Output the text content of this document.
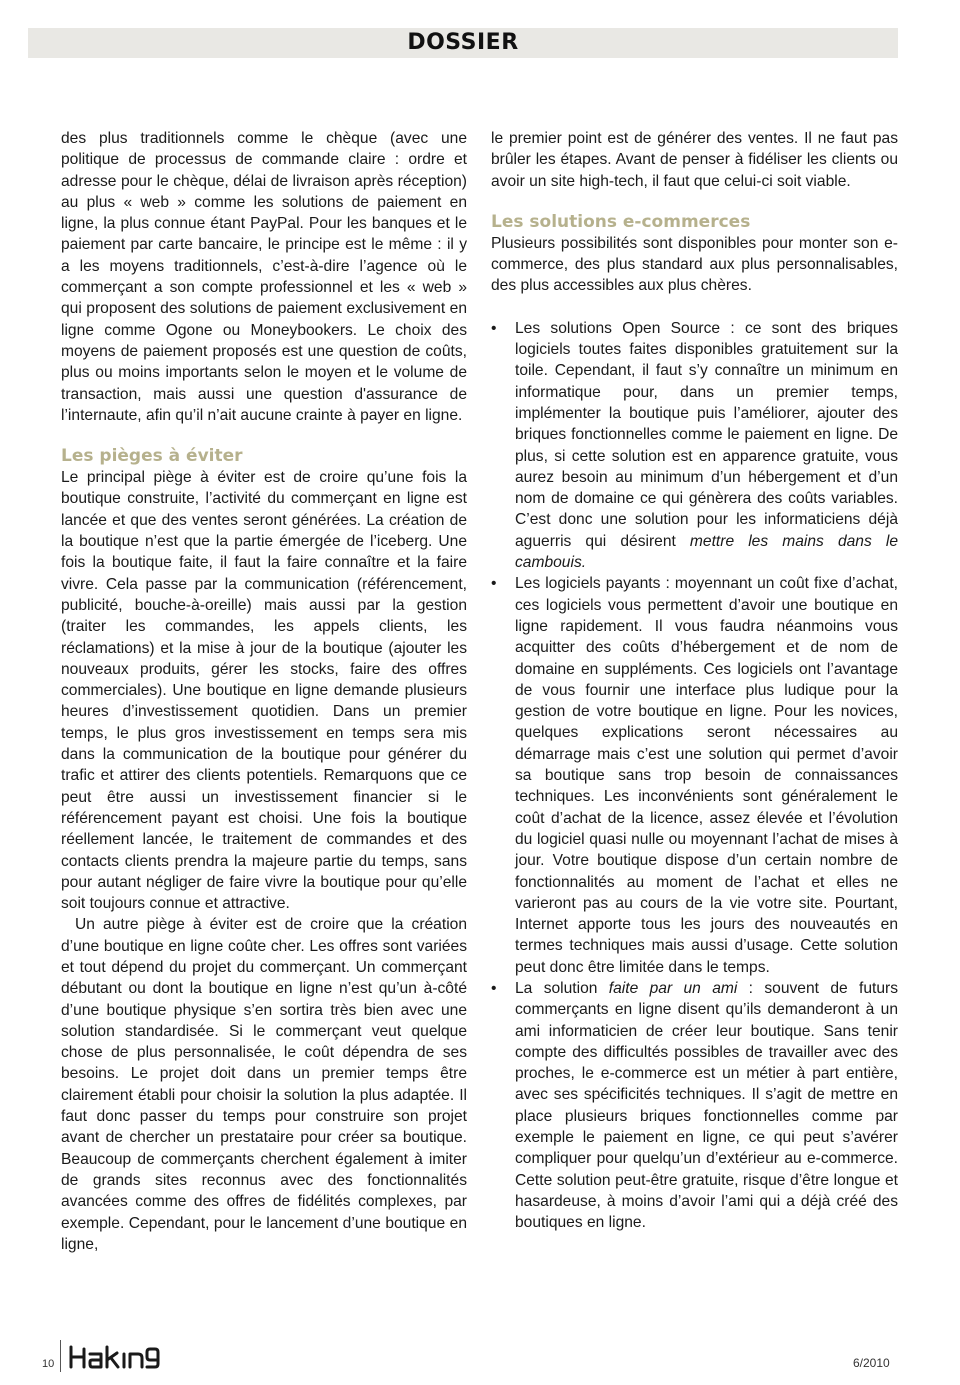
DOSSIER

des plus traditionnels comme le chèque (avec une politique de processus de commande claire : ordre et adresse pour le chèque, délai de livraison après réception) au plus « web » comme les solutions de paiement en ligne, la plus connue étant PayPal. Pour les banques et le paiement par carte bancaire, le principe est le même : il y a les moyens traditionnels, c’est-à-dire l’agence où le commerçant a son compte professionnel et les « web » qui proposent des solutions de paiement exclusivement en ligne comme Ogone ou Moneybookers. Le choix des moyens de paiement proposés est une question de coûts, plus ou moins importants selon le moyen et le volume de transaction, mais aussi une question d'assurance de l’internaute, afin qu’il n’ait aucune crainte à payer en ligne.

Les pièges à éviter

Le principal piège à éviter est de croire qu’une fois la boutique construite, l’activité du commerçant en ligne est lancée et que des ventes seront générées. La création de la boutique n’est que la partie émergée de l’iceberg. Une fois la boutique faite, il faut la faire connaître et la faire vivre. Cela passe par la communication (référencement, publicité, bouche-à-oreille) mais aussi par la gestion (traiter les commandes, les appels clients, les réclamations) et la mise à jour de la boutique (ajouter les nouveaux produits, gérer les stocks, faire des offres commerciales). Une boutique en ligne demande plusieurs heures d’investissement quotidien. Dans un premier temps, le plus gros investissement en temps sera mis dans la communication de la boutique pour générer du trafic et attirer des clients potentiels. Remarquons que ce peut être aussi un investissement financier si le référencement payant est choisi. Une fois la boutique réellement lancée, le traitement de commandes et des contacts clients prendra la majeure partie du temps, sans pour autant négliger de faire vivre la boutique pour qu’elle soit toujours connue et attractive.

Un autre piège à éviter est de croire que la création d’une boutique en ligne coûte cher. Les offres sont variées et tout dépend du projet du commerçant. Un commerçant débutant ou dont la boutique en ligne n’est qu’un à-côté d’une boutique physique s’en sortira très bien avec une solution standardisée. Si le commerçant veut quelque chose de plus personnalisée, le coût dépendra de ses besoins. Le projet doit dans un premier temps être clairement établi pour choisir la solution la plus adaptée. Il faut donc passer du temps pour construire son projet avant de chercher un prestataire pour créer sa boutique. Beaucoup de commerçants cherchent également à imiter de grands sites reconnus avec des fonctionnalités avancées comme des offres de fidélités complexes, par exemple. Cependant, pour le lancement d’une boutique en ligne,

le premier point est de générer des ventes. Il ne faut pas brûler les étapes. Avant de penser à fidéliser les clients ou avoir un site high-tech, il faut que celui-ci soit viable.

Les solutions e-commerces

Plusieurs possibilités sont disponibles pour monter son e-commerce, des plus standard aux plus personnalisables, des plus accessibles aux plus chères.

• Les solutions Open Source : ce sont des briques logiciels toutes faites disponibles gratuitement sur la toile. Cependant, il faut s’y connaître un minimum en informatique pour, dans un premier temps, implémenter la boutique puis l’améliorer, ajouter des briques fonctionnelles comme le paiement en ligne. De plus, si cette solution est en apparence gratuite, vous aurez besoin au minimum d’un hébergement et d’un nom de domaine ce qui génèrera des coûts variables. C’est donc une solution pour les informaticiens déjà aguerris qui désirent mettre les mains dans le cambouis.
• Les logiciels payants : moyennant un coût fixe d’achat, ces logiciels vous permettent d’avoir une boutique en ligne rapidement. Il vous faudra néanmoins vous acquitter des coûts d’hébergement et de nom de domaine en suppléments. Ces logiciels ont l’avantage de vous fournir une interface plus ludique pour la gestion de votre boutique en ligne. Pour les novices, quelques explications seront nécessaires au démarrage mais c’est une solution qui permet d’avoir sa boutique sans trop besoin de connaissances techniques. Les inconvénients sont généralement le coût d’achat de la licence, assez élevée et l’évolution du logiciel quasi nulle ou moyennant l’achat de mises à jour. Votre boutique dispose d’un certain nombre de fonctionnalités au moment de l’achat et elles ne varieront pas au cours de la vie votre site. Pourtant, Internet apporte tous les jours des nouveautés en termes techniques mais aussi d’usage. Cette solution peut donc être limitée dans le temps.
• La solution faite par un ami : souvent de futurs commerçants en ligne disent qu’ils demanderont à un ami informaticien de créer leur boutique. Sans tenir compte des difficultés possibles de travailler avec des proches, le e-commerce est un métier à part entière, avec ses spécificités techniques. Il s’agit de mettre en place plusieurs briques fonctionnelles comme par exemple le paiement en ligne, ce qui peut s’avérer compliquer pour quelqu’un d’extérieur au e-commerce. Cette solution peut-être gratuite, risque d’être longue et hasardeuse, à moins d’avoir l’ami qui a déjà créé des boutiques en ligne.
10	6/2010
